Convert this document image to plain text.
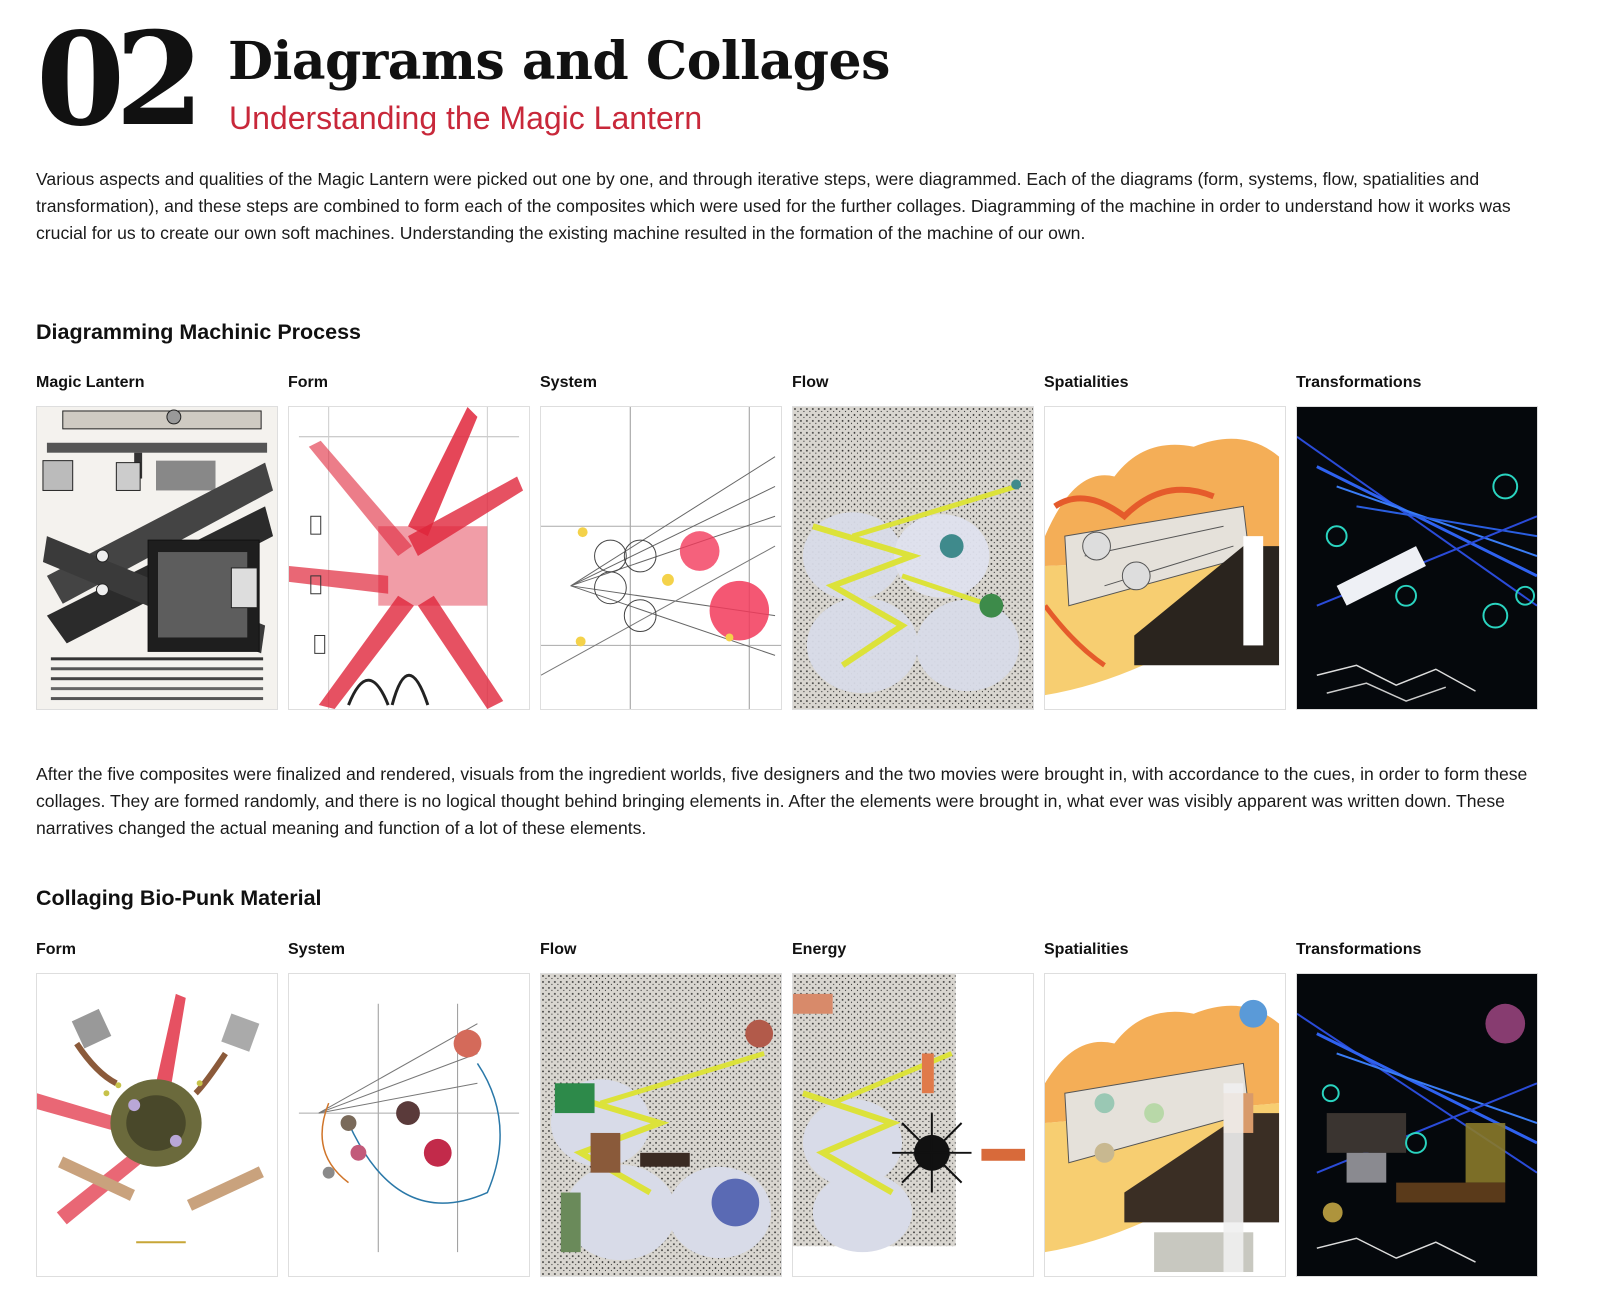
02 Diagrams and Collages
Understanding the Magic Lantern

Various aspects and qualities of the Magic Lantern were picked out one by one, and through iterative steps, were diagrammed. Each of the diagrams (form, systems, flow, spatialities and transformation), and these steps are combined to form each of the composites which were used for the further collages. Diagramming of the machine in order to understand how it works was crucial for us to create our own soft machines. Understanding the existing machine resulted in the formation of the machine of our own.

Diagramming Machinic Process
Magic Lantern	Form	System	Flow	Spatialities	Transformations

After the five composites were finalized and rendered, visuals from the ingredient worlds, five designers and the two movies were brought in, with accordance to the cues, in order to form these collages. They are formed randomly, and there is no logical thought behind bringing elements in. After the elements were brought in, what ever was visibly apparent was written down. These narratives changed the actual meaning and function of a lot of these elements.

Collaging Bio-Punk Material
Form	System	Flow	Energy	Spatialities	Transformations
